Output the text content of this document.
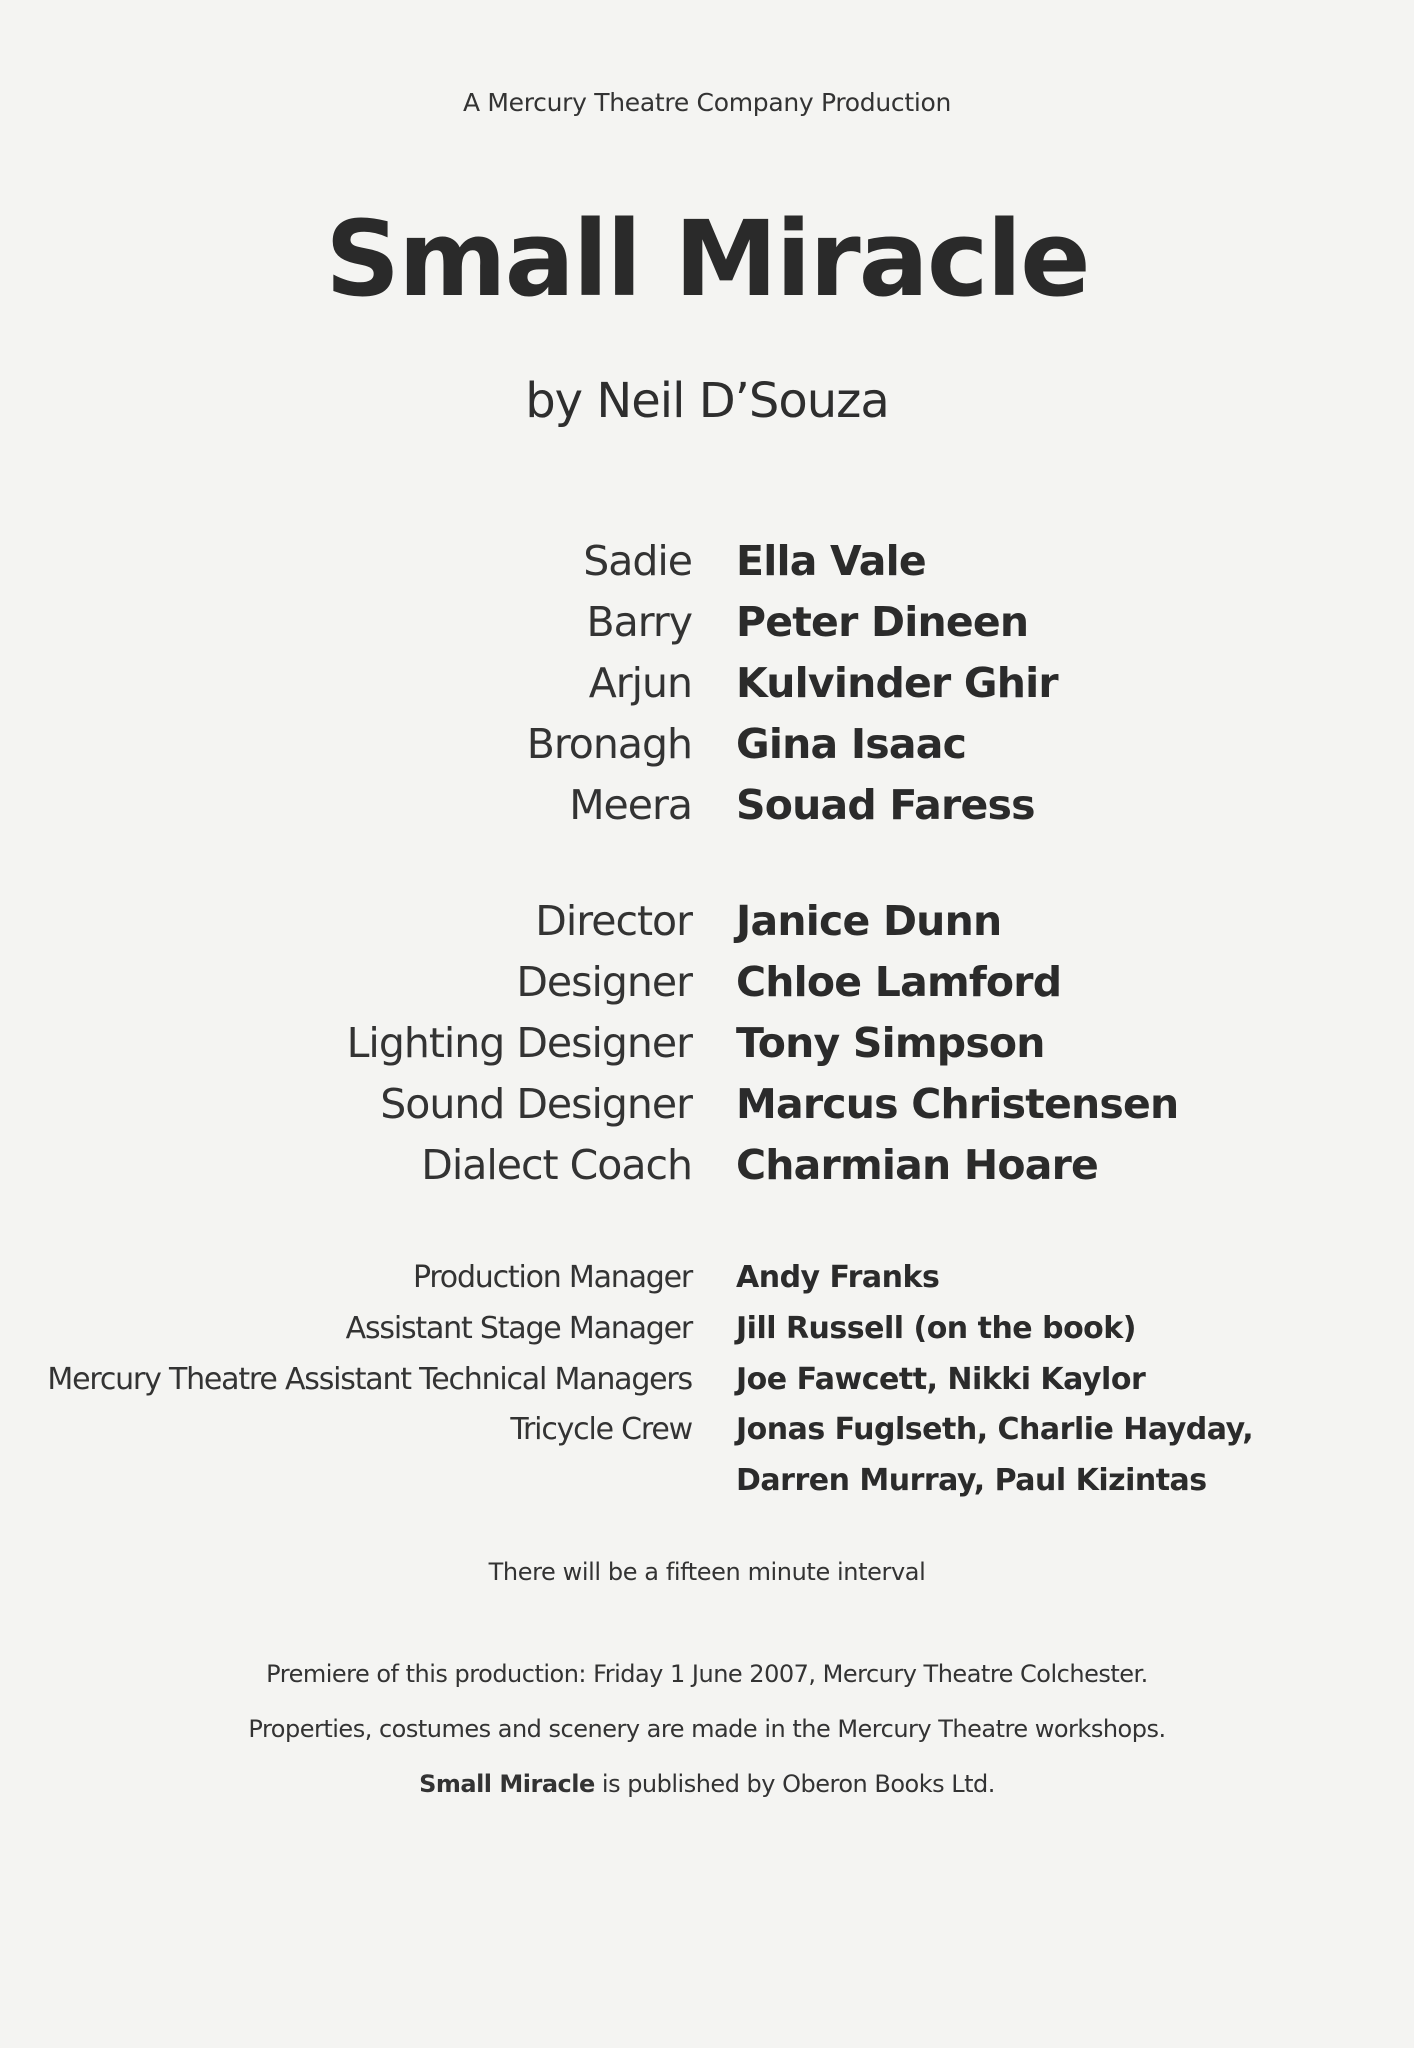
A Mercury Theatre Company Production
Small Miracle
by Neil D’Souza
Sadie Ella Vale
Barry Peter Dineen
Arjun Kulvinder Ghir
Bronagh Gina Isaac
Meera Souad Faress
Director Janice Dunn
Designer Chloe Lamford
Lighting Designer Tony Simpson
Sound Designer Marcus Christensen
Dialect Coach Charmian Hoare
Production Manager Andy Franks
Assistant Stage Manager Jill Russell (on the book)
Mercury Theatre Assistant Technical Managers Joe Fawcett, Nikki Kaylor
Tricycle Crew Jonas Fuglseth, Charlie Hayday,
Darren Murray, Paul Kizintas
There will be a fifteen minute interval
Premiere of this production: Friday 1 June 2007, Mercury Theatre Colchester.
Properties, costumes and scenery are made in the Mercury Theatre workshops.
Small Miracle is published by Oberon Books Ltd.
